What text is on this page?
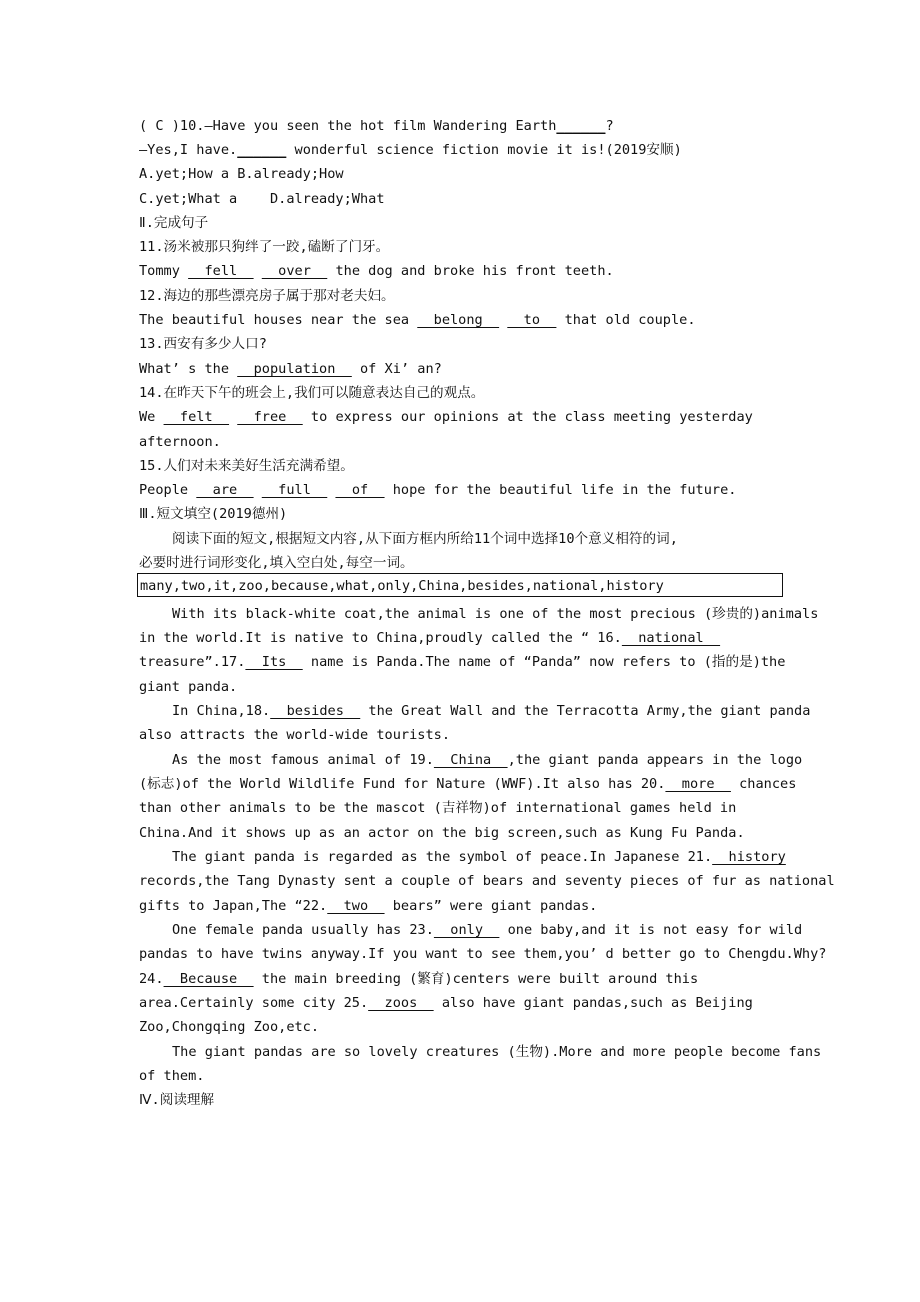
( C )10.—Have you seen the hot film Wandering Earth______?
—Yes,I have.______ wonderful science fiction movie it is!(2019安顺)
A.yet;How a B.already;How
C.yet;What a    D.already;What
Ⅱ.完成句子
11.汤米被那只狗绊了一跤,磕断了门牙。
Tommy   fell     over   the dog and broke his front teeth.
12.海边的那些漂亮房子属于那对老夫妇。
The beautiful houses near the sea   belong     to   that old couple.
13.西安有多少人口?
What’ s the   population   of Xi’ an?
14.在昨天下午的班会上,我们可以随意表达自己的观点。
We   felt     free   to express our opinions at the class meeting yesterday
afternoon.
15.人们对未来美好生活充满希望。
People   are     full     of   hope for the beautiful life in the future.
Ⅲ.短文填空(2019德州)
阅读下面的短文,根据短文内容,从下面方框内所给11个词中选择10个意义相符的词,
必要时进行词形变化,填入空白处,每空一词。
many,two,it,zoo,because,what,only,China,besides,national,history
With its black-white coat,the animal is one of the most precious (珍贵的)animals
in the world.It is native to China,proudly called the “ 16.  national
treasure”.17.  Its   name is Panda.The name of “Panda” now refers to (指的是)the
giant panda.
In China,18.  besides   the Great Wall and the Terracotta Army,the giant panda
also attracts the world-wide tourists.
As the most famous animal of 19.  China  ,the giant panda appears in the logo
(标志)of the World Wildlife Fund for Nature (WWF).It also has 20.  more   chances
than other animals to be the mascot (吉祥物)of international games held in
China.And it shows up as an actor on the big screen,such as Kung Fu Panda.
The giant panda is regarded as the symbol of peace.In Japanese 21.  history
records,the Tang Dynasty sent a couple of bears and seventy pieces of fur as national
gifts to Japan,The “22.  two   bears” were giant pandas.
One female panda usually has 23.  only   one baby,and it is not easy for wild
pandas to have twins anyway.If you want to see them,you’ d better go to Chengdu.Why?
24.  Because   the main breeding (繁育)centers were built around this
area.Certainly some city 25.  zoos   also have giant pandas,such as Beijing
Zoo,Chongqing Zoo,etc.
The giant pandas are so lovely creatures (生物).More and more people become fans
of them.
Ⅳ.阅读理解
